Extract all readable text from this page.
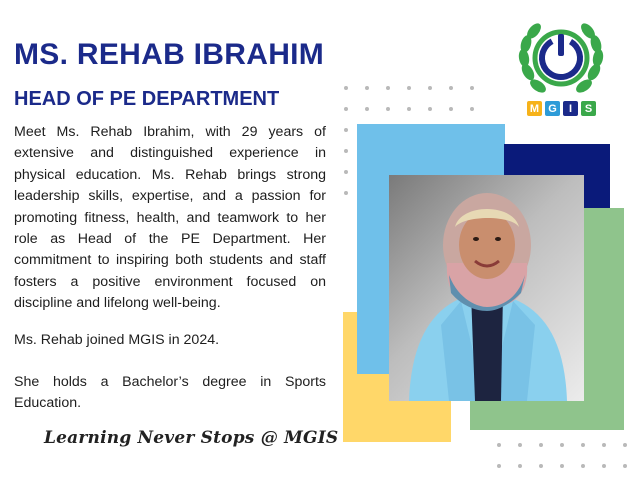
MS. REHAB IBRAHIM
HEAD OF PE DEPARTMENT

Meet Ms. Rehab Ibrahim, with 29 years of extensive and distinguished experience in physical education. Ms. Rehab brings strong leadership skills, expertise, and a passion for promoting fitness, health, and teamwork to her role as Head of the PE Department. Her commitment to inspiring both students and staff fosters a positive environment focused on discipline and lifelong well-being.

Ms. Rehab joined MGIS in 2024.

She holds a Bachelor’s degree in Sports Education.

Learning Never Stops @ MGIS
M G	I	S
